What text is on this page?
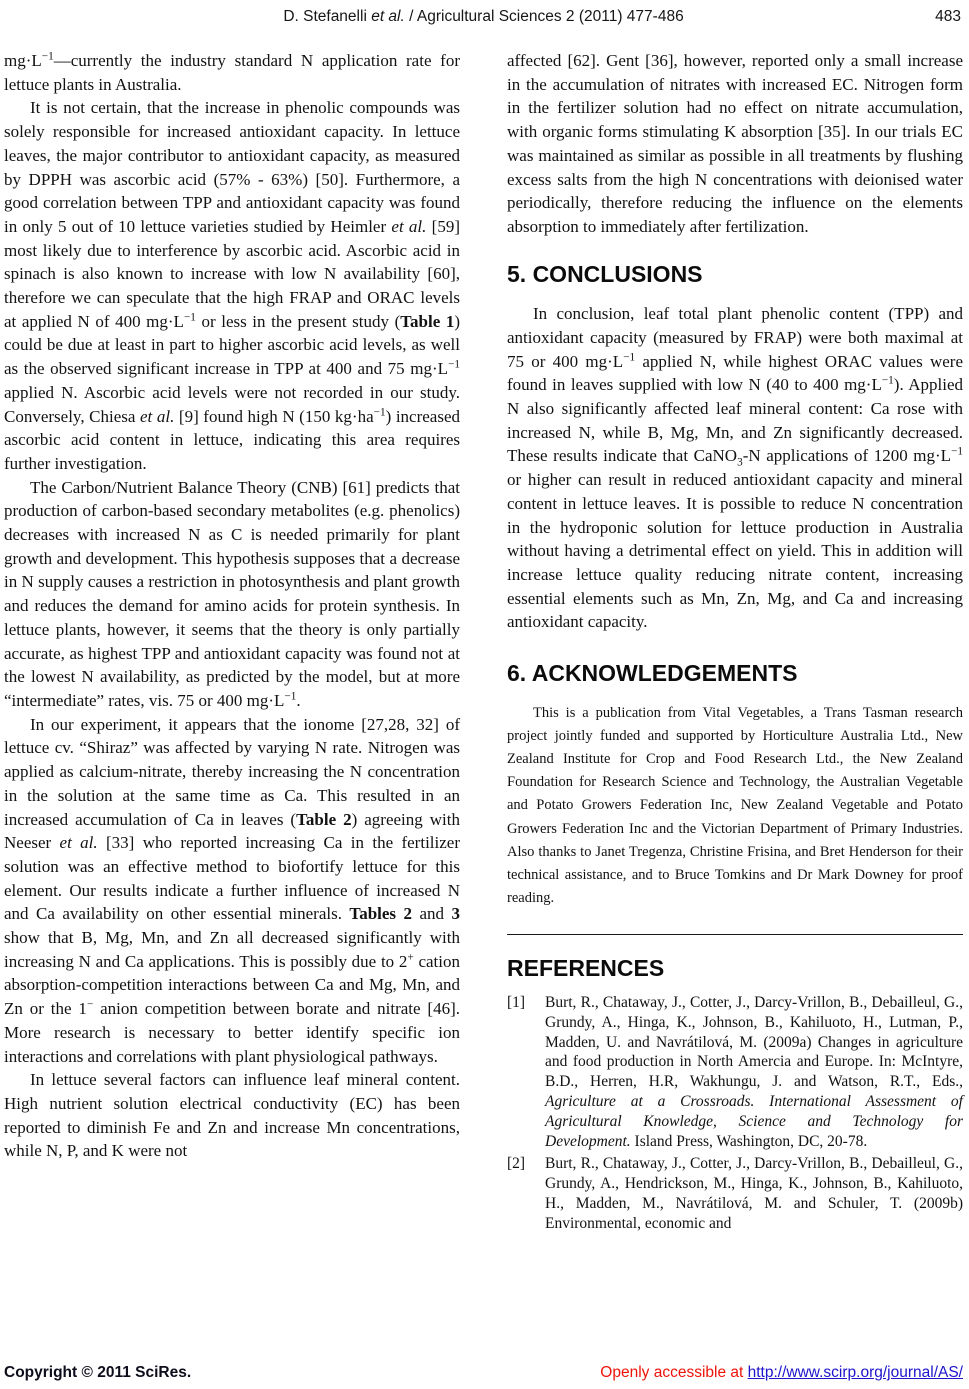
D. Stefanelli et al. / Agricultural Sciences 2 (2011) 477-486	483

$mg\cdot L^{-1}—currently$ the industry standard N application rate for lettuce plants in Australia.

It is not certain, that the increase in phenolic compounds was solely responsible for increased antioxidant capacity. In lettuce leaves, the major contributor to antioxidant capacity, as measured by DPPH was ascorbic acid (57% - 63%) [50]. Furthermore, a good correlation between TPP and antioxidant capacity was found in only 5 out of 10 lettuce varieties studied by Heimler et al. [59] most likely due to interference by ascorbic acid. Ascorbic acid in spinach is also known to increase with low N availability [60], therefore we can speculate that the high FRAP and ORAC levels at applied N of 400 $mg\cdot L^{-1}$ or less in the present study (Table 1) could be due at least in part to higher ascorbic acid levels, as well as the observed significant increase in TPP at 400 and 75 $mg\cdot L^{-1}$ applied N. Ascorbic acid levels were not recorded in our study. Conversely, Chiesa et al. [9] found high N (150 $kg\cdot ha^{-1}$) increased ascorbic acid content in lettuce, indicating this area requires further investigation.

The Carbon/Nutrient Balance Theory (CNB) [61] predicts that production of carbon-based secondary metabolites (e.g. phenolics) decreases with increased N as C is needed primarily for plant growth and development. This hypothesis supposes that a decrease in N supply causes a restriction in photosynthesis and plant growth and reduces the demand for amino acids for protein synthesis. In lettuce plants, however, it seems that the theory is only partially accurate, as highest TPP and antioxidant capacity was found not at the lowest N availability, as predicted by the model, but at more “intermediate” rates, vis. 75 or 400 $mg\cdot L^{-1}$.

In our experiment, it appears that the ionome [27,28, 32] of lettuce cv. “Shiraz” was affected by varying N rate. Nitrogen was applied as calcium-nitrate, thereby increasing the N concentration in the solution at the same time as Ca. This resulted in an increased accumulation of Ca in leaves (Table 2) agreeing with Neeser et al. [33] who reported increasing Ca in the fertilizer solution was an effective method to biofortify lettuce for this element. Our results indicate a further influence of increased N and Ca availability on other essential minerals. Tables 2 and 3 show that B, Mg, Mn, and Zn all decreased significantly with increasing N and Ca applications. This is possibly due to 2+ cation absorption-competition interactions between Ca and Mg, Mn, and Zn or the 1− anion competition between borate and nitrate [46]. More research is necessary to better identify specific ion interactions and correlations with plant physiological pathways.

In lettuce several factors can influence leaf mineral content. High nutrient solution electrical conductivity (EC) has been reported to diminish Fe and Zn and increase Mn concentrations, while N, P, and K were not

affected [62]. Gent [36], however, reported only a small increase in the accumulation of nitrates with increased EC. Nitrogen form in the fertilizer solution had no effect on nitrate accumulation, with organic forms stimulating K absorption [35]. In our trials EC was maintained as similar as possible in all treatments by flushing excess salts from the high N concentrations with deionised water periodically, therefore reducing the influence on the elements absorption to immediately after fertilization.

5. CONCLUSIONS

In conclusion, leaf total plant phenolic content (TPP) and antioxidant capacity (measured by FRAP) were both maximal at 75 or 400 $mg\cdot L^{-1}$ applied N, while highest ORAC values were found in leaves supplied with low N (40 to 400 $mg\cdot L^{-1}$). Applied N also significantly affected leaf mineral content: Ca rose with increased N, while B, Mg, Mn, and Zn significantly decreased. These results indicate that CaNO$_3$-N applications of 1200 $mg\cdot L^{-1}$ or higher can result in reduced antioxidant capacity and mineral content in lettuce leaves. It is possible to reduce N concentration in the hydroponic solution for lettuce production in Australia without having a detrimental effect on yield. This in addition will increase lettuce quality reducing nitrate content, increasing essential elements such as Mn, Zn, Mg, and Ca and increasing antioxidant capacity.

6. ACKNOWLEDGEMENTS

This is a publication from Vital Vegetables, a Trans Tasman research project jointly funded and supported by Horticulture Australia Ltd., New Zealand Institute for Crop and Food Research Ltd., the New Zealand Foundation for Research Science and Technology, the Australian Vegetable and Potato Growers Federation Inc, New Zealand Vegetable and Potato Growers Federation Inc and the Victorian Department of Primary Industries. Also thanks to Janet Tregenza, Christine Frisina, and Bret Henderson for their technical assistance, and to Bruce Tomkins and Dr Mark Downey for proof reading.

REFERENCES
[1] Burt, R., Chataway, J., Cotter, J., Darcy-Vrillon, B., Debailleul, G., Grundy, A., Hinga, K., Johnson, B., Kahiluoto, H., Lutman, P., Madden, U. and Navrátilová, M. (2009a) Changes in agriculture and food production in North Amercia and Europe. In: McIntyre, B.D., Herren, H.R, Wakhungu, J. and Watson, R.T., Eds., Agriculture at a Crossroads. International Assessment of Agricultural Knowledge, Science and Technology for Development. Island Press, Washington, DC, 20-78.
[2] Burt, R., Chataway, J., Cotter, J., Darcy-Vrillon, B., Debailleul, G., Grundy, A., Hendrickson, M., Hinga, K., Johnson, B., Kahiluoto, H., Madden, M., Navrátilová, M. and Schuler, T. (2009b) Environmental, economic and
Copyright © 2011 SciRes.	Openly accessible at http://www.scirp.org/journal/AS/
